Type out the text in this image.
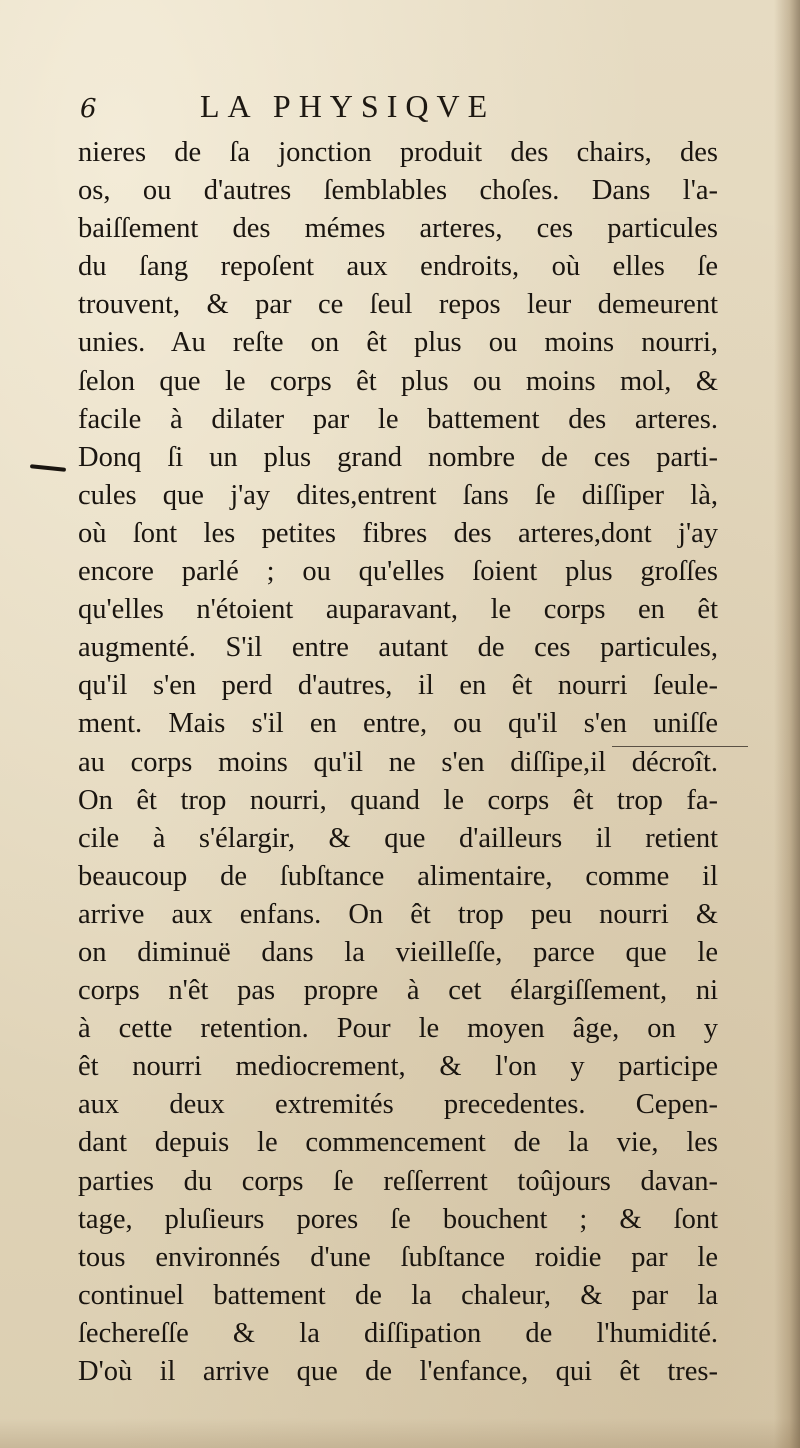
6	LA PHYSIQVE
nieres de ſa jonction produit des chairs, des
os, ou d'autres ſemblables choſes. Dans l'a-
baiſſement des mémes arteres, ces particules
du ſang repoſent aux endroits, où elles ſe
trouvent, & par ce ſeul repos leur demeurent
unies. Au reſte on êt plus ou moins nourri,
ſelon que le corps êt plus ou moins mol, &
facile à dilater par le battement des arteres.
Donq ſi un plus grand nombre de ces parti-
cules que j'ay dites,entrent ſans ſe diſſiper là,
où ſont les petites fibres des arteres,dont j'ay
encore parlé ; ou qu'elles ſoient plus groſſes
qu'elles n'étoient auparavant, le corps en êt
augmenté. S'il entre autant de ces particules,
qu'il s'en perd d'autres, il en êt nourri ſeule-
ment. Mais s'il en entre, ou qu'il s'en uniſſe
au corps moins qu'il ne s'en diſſipe,il décroît.
On êt trop nourri, quand le corps êt trop fa-
cile à s'élargir, & que d'ailleurs il retient
beaucoup de ſubſtance alimentaire, comme il
arrive aux enfans. On êt trop peu nourri &
on diminuë dans la vieilleſſe, parce que le
corps n'êt pas propre à cet élargiſſement, ni
à cette retention. Pour le moyen âge, on y
êt nourri mediocrement, & l'on y participe
aux deux extremités precedentes. Cepen-
dant depuis le commencement de la vie, les
parties du corps ſe reſſerrent toûjours davan-
tage, pluſieurs pores ſe bouchent ; & ſont
tous environnés d'une ſubſtance roidie par le
continuel battement de la chaleur, & par la
ſechereſſe & la diſſipation de l'humidité.
D'où il arrive que de l'enfance, qui êt tres-
